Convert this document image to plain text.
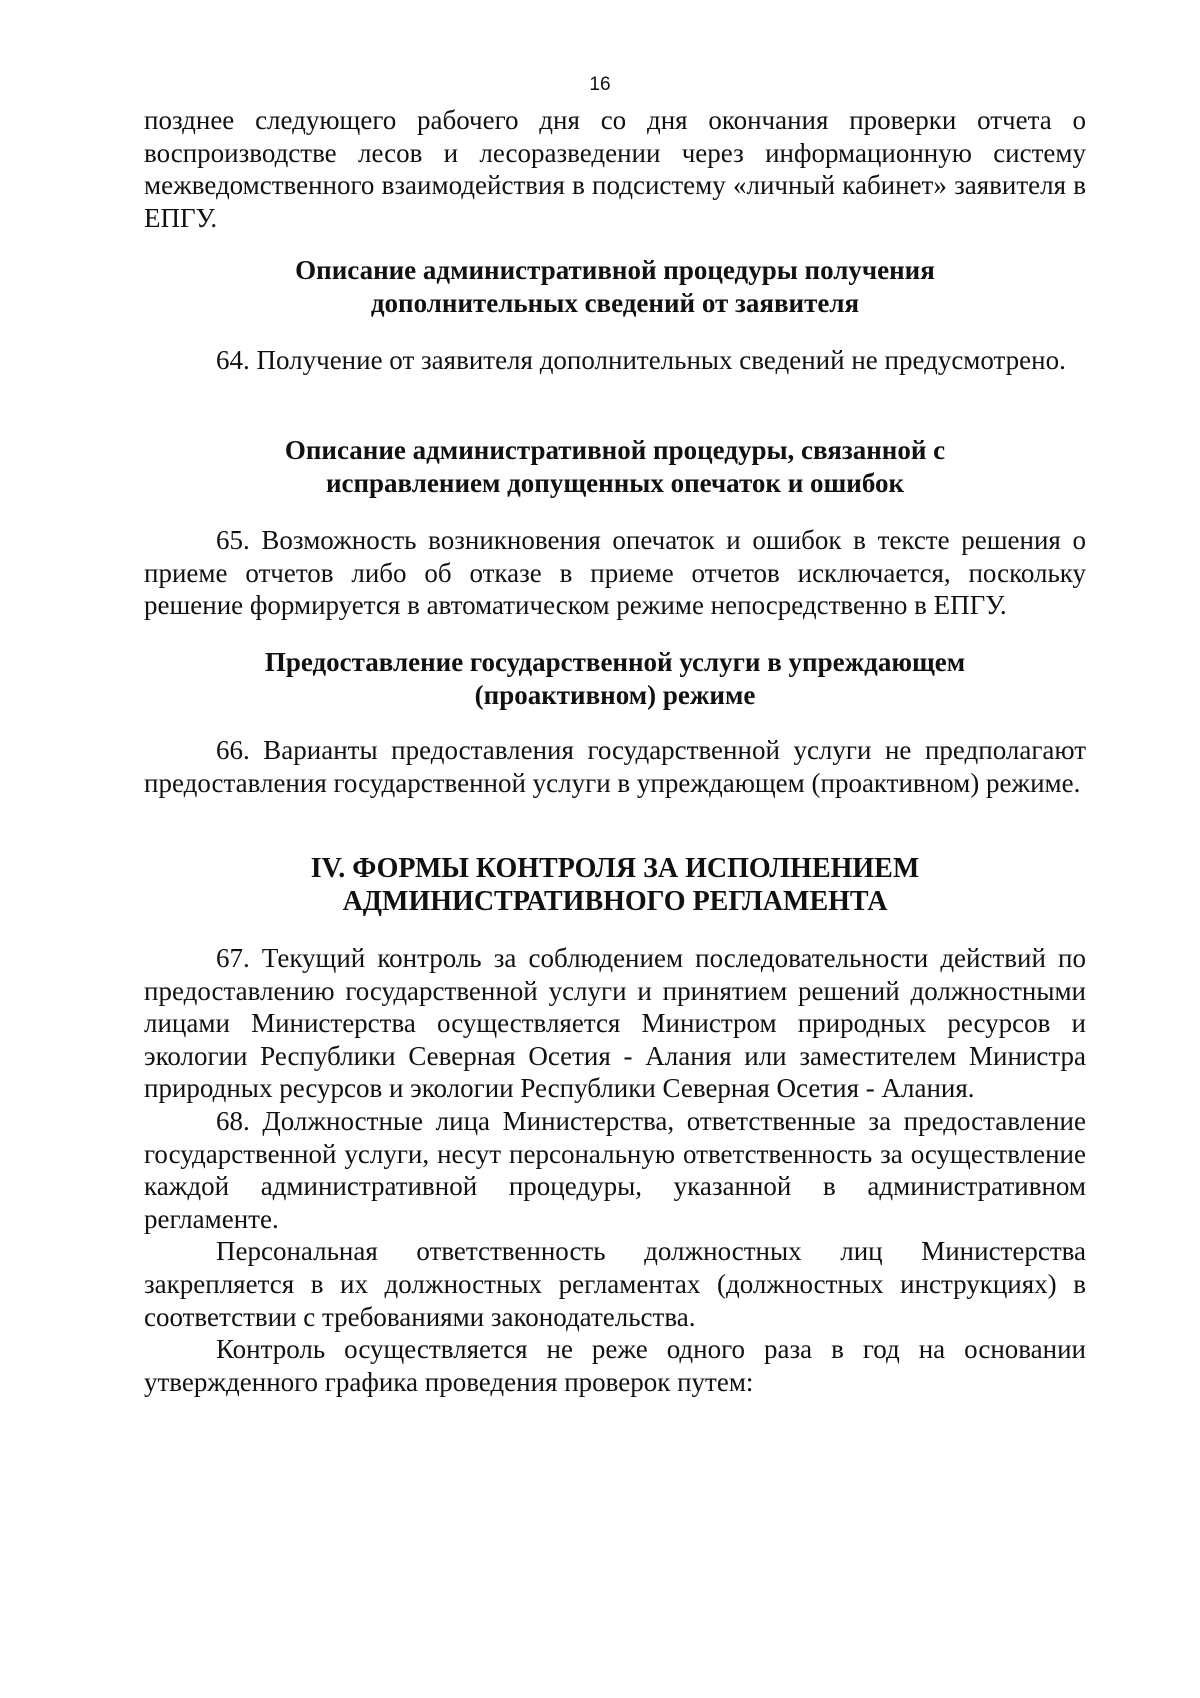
16

позднее следующего рабочего дня со дня окончания проверки отчета о воспроизводстве лесов и лесоразведении через информационную систему межведомственного взаимодействия в подсистему «личный кабинет» заявителя в ЕПГУ.

Описание административной процедуры получения
дополнительных сведений от заявителя

64. Получение от заявителя дополнительных сведений не предусмотрено.

Описание административной процедуры, связанной с
исправлением допущенных опечаток и ошибок

65. Возможность возникновения опечаток и ошибок в тексте решения о приеме отчетов либо об отказе в приеме отчетов исключается, поскольку решение формируется в автоматическом режиме непосредственно в ЕПГУ.

Предоставление государственной услуги в упреждающем
(проактивном) режиме

66. Варианты предоставления государственной услуги не предполагают предоставления государственной услуги в упреждающем (проактивном) режиме.

IV. ФОРМЫ КОНТРОЛЯ ЗА ИСПОЛНЕНИЕМ
АДМИНИСТРАТИВНОГО РЕГЛАМЕНТА

67. Текущий контроль за соблюдением последовательности действий по предоставлению государственной услуги и принятием решений должностными лицами Министерства осуществляется Министром природных ресурсов и экологии Республики Северная Осетия - Алания или заместителем Министра природных ресурсов и экологии Республики Северная Осетия - Алания.

68. Должностные лица Министерства, ответственные за предоставление государственной услуги, несут персональную ответственность за осуществление каждой административной процедуры, указанной в административном регламенте.

Персональная ответственность должностных лиц Министерства закрепляется в их должностных регламентах (должностных инструкциях) в соответствии с требованиями законодательства.

Контроль осуществляется не реже одного раза в год на основании утвержденного графика проведения проверок путем:
